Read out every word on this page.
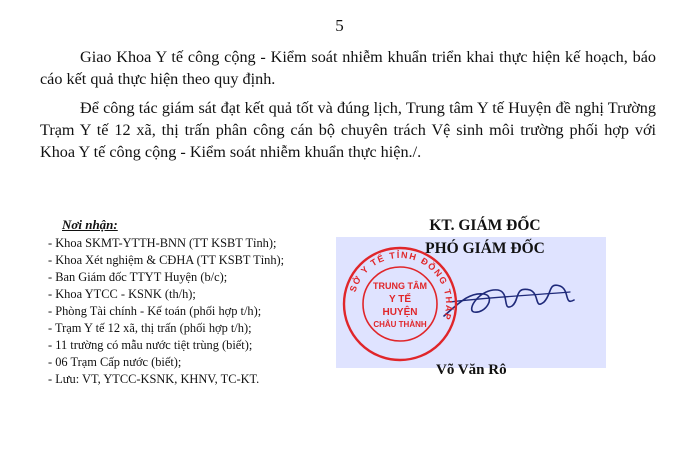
5

Giao Khoa Y tế công cộng - Kiểm soát nhiễm khuẩn triển khai thực hiện kế hoạch, báo cáo kết quả thực hiện theo quy định.

Để công tác giám sát đạt kết quả tốt và đúng lịch, Trung tâm Y tế Huyện đề nghị Trường Trạm Y tế 12 xã, thị trấn phân công cán bộ chuyên trách Vệ sinh môi trường phối hợp với Khoa Y tế công cộng - Kiểm soát nhiễm khuẩn thực hiện./.

Nơi nhận:
- Khoa SKMT-YTTH-BNN (TT KSBT Tỉnh);
- Khoa Xét nghiệm & CĐHA (TT KSBT Tỉnh);
- Ban Giám đốc TTYT Huyện (b/c);
- Khoa YTCC - KSNK (th/h);
- Phòng Tài chính - Kế toán (phối hợp t/h);
- Trạm Y tế 12 xã, thị trấn (phối hợp t/h);
- 11 trường có mẫu nước tiệt trùng (biết);
- 06 Trạm Cấp nước (biết);
- Lưu: VT, YTCC-KSNK, KHNV, TC-KT.
KT. GIÁM ĐỐC
PHÓ GIÁM ĐỐC
SỞ Y TẾ TỈNH ĐỒNG THÁP
TRUNG TÂM
Y TẾ
HUYỆN
CHÂU THÀNH
Võ Văn Rô
